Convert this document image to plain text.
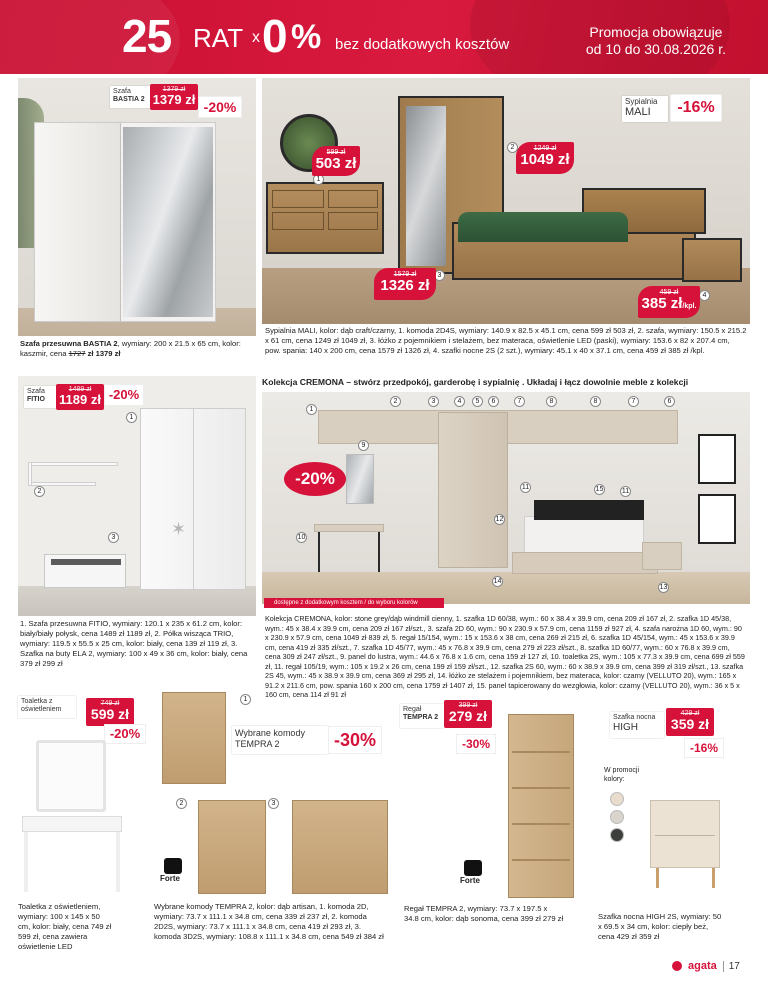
25 RAT x 0 % bez dodatkowych kosztów
Promocja obowiązuje
od 10 do 30.08.2026 r.
Szafa
BASTIA 2
1379 zł
1379 zł -20%
Szafa przesuwna BASTIA 2, wymiary: 200 x 21.5 x 65 cm, kolor: kaszmir, cena 1727 zł 1379 zł
1
2
3
4
599 zł
503 zł
1249 zł
1049 zł
1579 zł
1326 zł	459 zł
385 zł/kpl.
Sypialnia
MALI	-16%
Sypialnia MALI, kolor: dąb craft/czarny, 1. komoda 2D4S, wymiary: 140.9 x 82.5 x 45.1 cm, cena 599 zł 503 zł, 2. szafa, wymiary: 150.5 x 215.2 x 61 cm, cena 1249 zł 1049 zł, 3. łóżko z pojemnikiem i stelażem, bez materaca, oświetlenie LED (paski), wymiary: 153.6 x 82 x 207.4 cm, pow. spania: 140 x 200 cm, cena 1579 zł 1326 zł, 4. szafki nocne 2S (2 szt.), wymiary: 45.1 x 40 x 37.1 cm, cena 459 zł 385 zł /kpl.
✶
1
2
3
Szafa
FITIO
1489 zł
1189 zł -20%
1. Szafa przesuwna FITIO, wymiary: 120.1 x 235 x 61.2 cm, kolor: biały/biały połysk, cena 1489 zł 1189 zł, 2. Półka wisząca TRIO, wymiary: 119.5 x 55.5 x 25 cm, kolor: biały, cena 139 zł 119 zł, 3. Szafka na buty ELA 2, wymiary: 100 x 49 x 36 cm, kolor: biały, cena 379 zł 299 zł
Kolekcja CREMONA – stwórz przedpokój, garderobę i sypialnię . Układaj i łącz dowolnie meble z kolekcji
1
2	3	4	5	6	7	8	8	7	6
9
10
11
11
12
13
14
15
-20%
dostępne z dodatkowym kosztem / do wyboru kolorów
Kolekcja CREMONA, kolor: stone grey/dąb windmill cienny, 1. szafka 1D 60/38, wym.: 60 x 38.4 x 39.9 cm, cena 209 zł 167 zł, 2. szafka 1D 45/38, wym.: 45 x 38.4 x 39.9 cm, cena 209 zł 167 zł/szt., 3. szafa 2D 60, wym.: 90 x 230.9 x 57.9 cm, cena 1159 zł 927 zł, 4. szafa narożna 1D 60, wym.: 90 x 230.9 x 57.9 cm, cena 1049 zł 839 zł, 5. regał 15/154, wym.: 15 x 153.6 x 38 cm, cena 269 zł 215 zł, 6. szafka 1D 45/154, wym.: 45 x 153.6 x 39.9 cm, cena 419 zł 335 zł/szt., 7. szafka 1D 45/77, wym.: 45 x 76.8 x 39.9 cm, cena 279 zł 223 zł/szt., 8. szafka 1D 60/77, wym.: 60 x 76.8 x 39.9 cm, cena 309 zł 247 zł/szt., 9. panel do lustra, wym.: 44.6 x 76.8 x 1.6 cm, cena 159 zł 127 zł, 10. toaletka 2S, wym.: 105 x 77.3 x 39.9 cm, cena 699 zł 559 zł, 11. regał 105/19, wym.: 105 x 19.2 x 26 cm, cena 199 zł 159 zł/szt., 12. szafka 2S 60, wym.: 60 x 38.9 x 39.9 cm, cena 399 zł 319 zł/szt., 13. szafka 2S 45, wym.: 45 x 38.9 x 39.9 cm, cena 369 zł 295 zł, 14. łóżko ze stelażem i pojemnikiem, bez materaca, kolor: czarny (VELLUTO 20), wym.: 165 x 91.2 x 211.6 cm, pow. spania 160 x 200 cm, cena 1759 zł 1407 zł, 15. panel tapicerowany do wezgłowia, kolor: czarny (VELLUTO 20), wym.: 36 x 5 x 160 cm, cena 114 zł 91 zł
Toaletka z oświetleniem
749 zł
599 zł
-20%
Toaletka z oświetleniem, wymiary: 100 x 145 x 50 cm, kolor: biały, cena 749 zł 599 zł, cena zawiera oświetlenie LED
1
Wybrane komody
TEMPRA 2	-30%
2	3
Forte
Wybrane komody TEMPRA 2, kolor: dąb artisan, 1. komoda 2D, wymiary: 73.7 x 111.1 x 34.8 cm, cena 339 zł 237 zł, 2. komoda 2D2S, wymiary: 73.7 x 111.1 x 34.8 cm, cena 419 zł 293 zł, 3. komoda 3D2S, wymiary: 108.8 x 111.1 x 34.8 cm, cena 549 zł 384 zł
Regał
TEMPRA 2
399 zł
279 zł
-30%
Forte
Regał TEMPRA 2, wymiary: 73.7 x 197.5 x 34.8 cm, kolor: dąb sonoma, cena 399 zł 279 zł
Szafka nocna
HIGH
429 zł
359 zł
-16%
W promocji kolory:
Szafka nocna HIGH 2S, wymiary: 50 x 69.5 x 34 cm, kolor: ciepły beż, cena 429 zł 359 zł
agata	17
